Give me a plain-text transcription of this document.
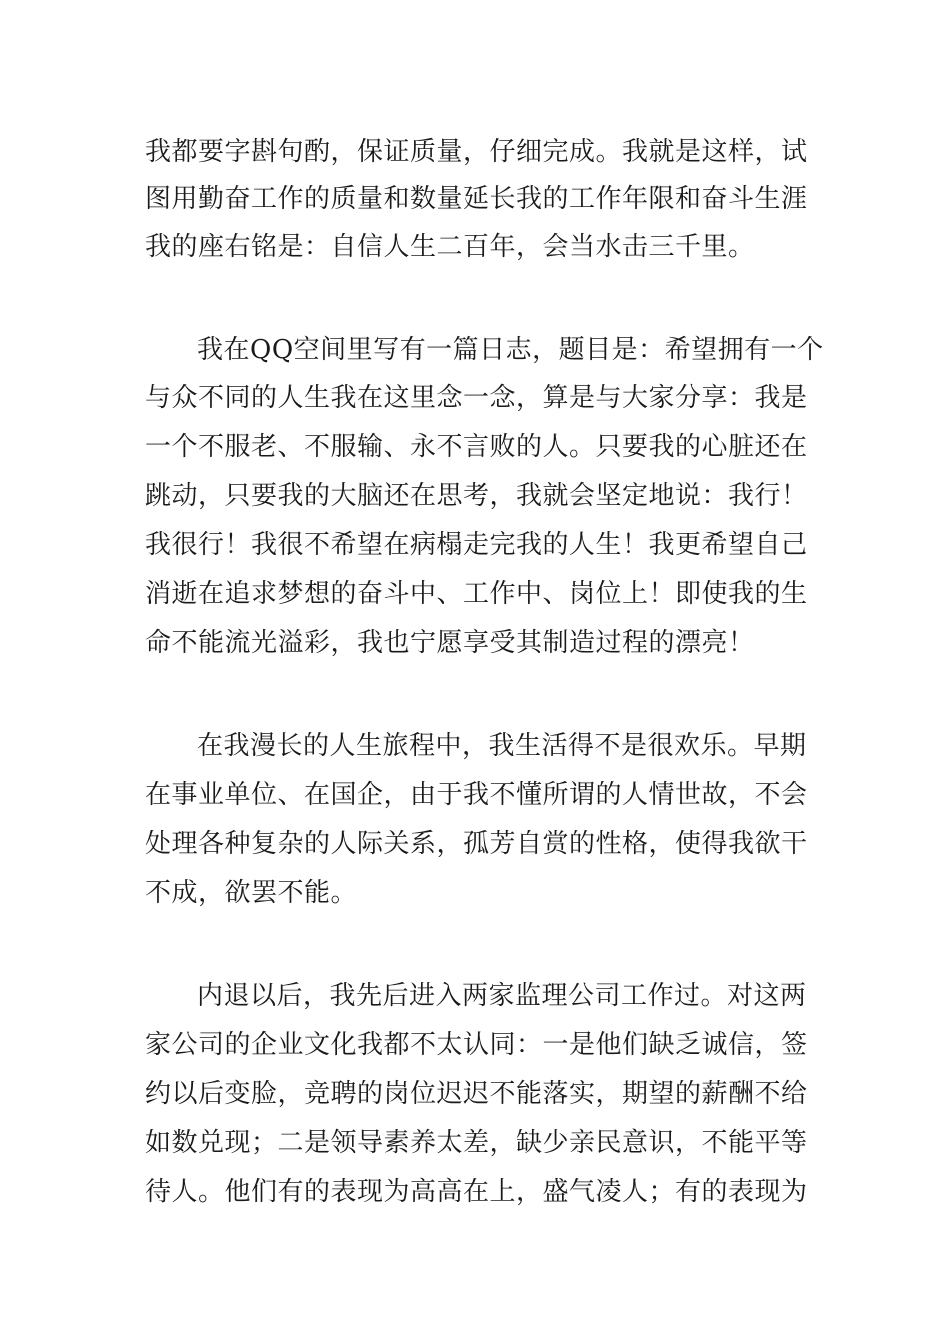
我都要字斟句酌，保证质量，仔细完成。我就是这样，试

图用勤奋工作的质量和数量延长我的工作年限和奋斗生涯

我的座右铭是：自信人生二百年，会当水击三千里。

我在QQ空间里写有一篇日志，题目是：希望拥有一个

与众不同的人生我在这里念一念，算是与大家分享：我是

一个不服老、不服输、永不言败的人。只要我的心脏还在

跳动，只要我的大脑还在思考，我就会坚定地说：我行！

我很行！我很不希望在病榻走完我的人生！我更希望自己

消逝在追求梦想的奋斗中、工作中、岗位上！即使我的生

命不能流光溢彩，我也宁愿享受其制造过程的漂亮！

在我漫长的人生旅程中，我生活得不是很欢乐。早期

在事业单位、在国企，由于我不懂所谓的人情世故，不会

处理各种复杂的人际关系，孤芳自赏的性格，使得我欲干

不成，欲罢不能。

内退以后，我先后进入两家监理公司工作过。对这两

家公司的企业文化我都不太认同：一是他们缺乏诚信，签

约以后变脸，竞聘的岗位迟迟不能落实，期望的薪酬不给

如数兑现；二是领导素养太差，缺少亲民意识，不能平等

待人。他们有的表现为高高在上，盛气凌人；有的表现为
